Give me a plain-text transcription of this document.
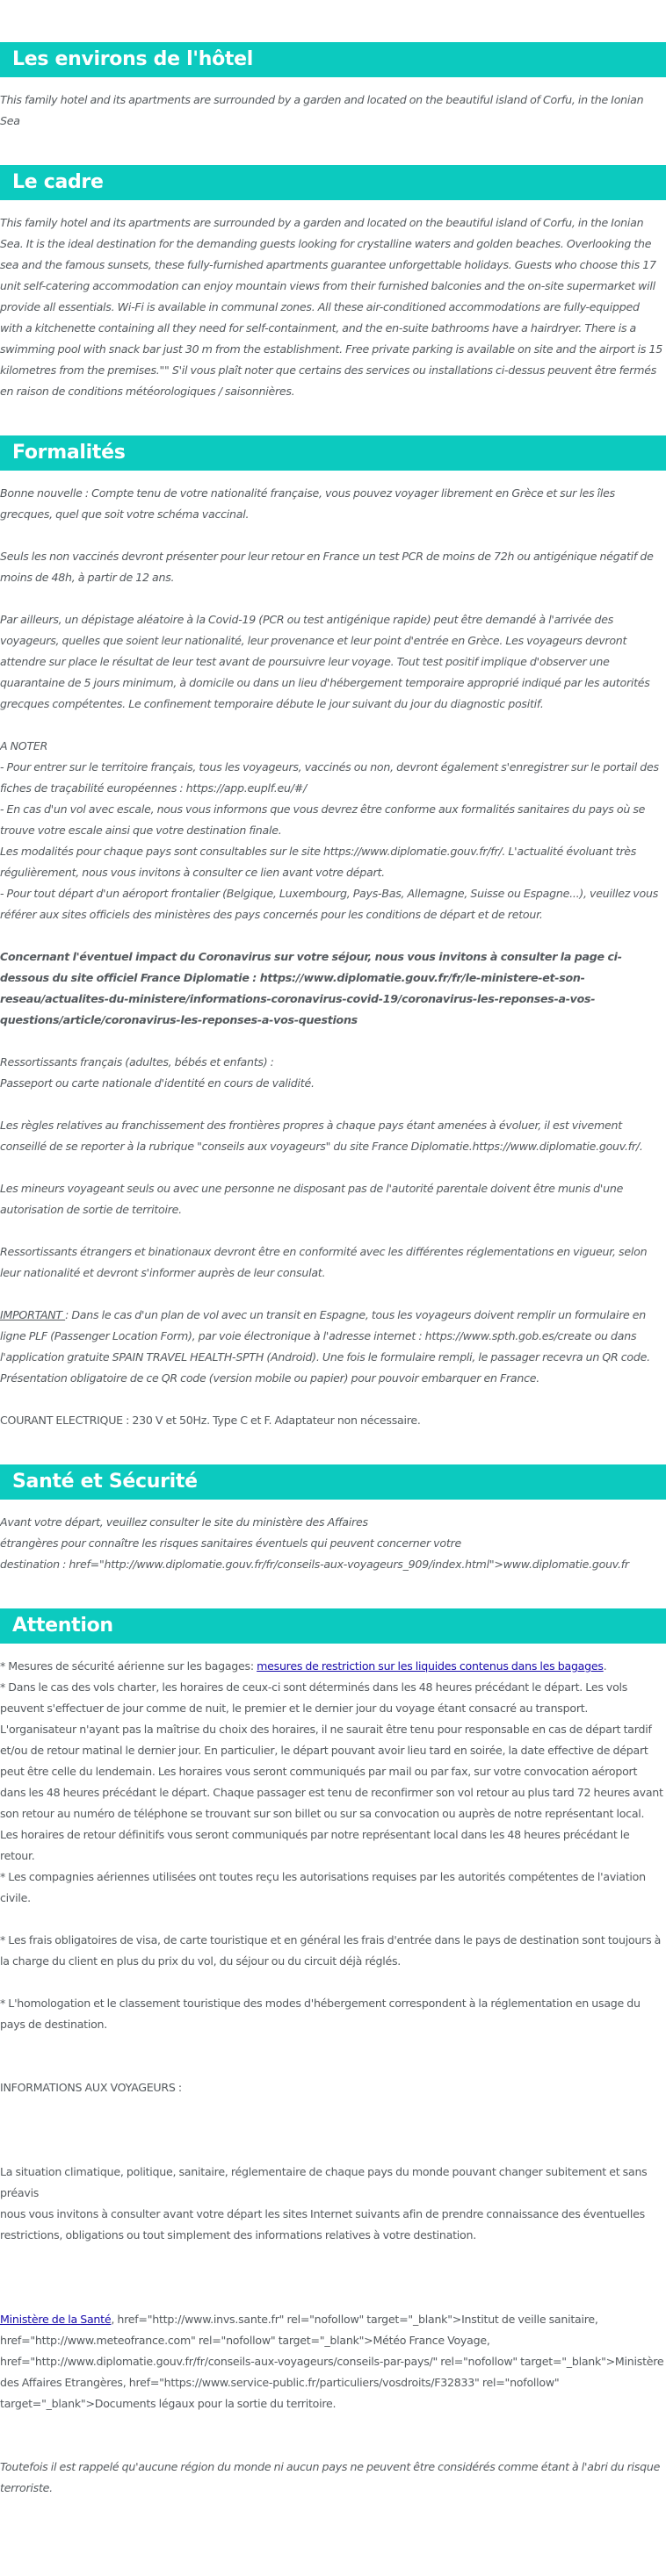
Les environs de l'hôtel

This family hotel and its apartments are surrounded by a garden and located on the beautiful island of Corfu, in the Ionian Sea

Le cadre

This family hotel and its apartments are surrounded by a garden and located on the beautiful island of Corfu, in the Ionian Sea. It is the ideal destination for the demanding guests looking for crystalline waters and golden beaches. Overlooking the sea and the famous sunsets, these fully-furnished apartments guarantee unforgettable holidays. Guests who choose this 17 unit self-catering accommodation can enjoy mountain views from their furnished balconies and the on-site supermarket will provide all essentials. Wi-Fi is available in communal zones. All these air-conditioned accommodations are fully-equipped with a kitchenette containing all they need for self-containment, and the en-suite bathrooms have a hairdryer. There is a swimming pool with snack bar just 30 m from the establishment. Free private parking is available on site and the airport is 15 kilometres from the premises."" S'il vous plaît noter que certains des services ou installations ci-dessus peuvent être fermés en raison de conditions météorologiques / saisonnières.

Formalités

Bonne nouvelle : Compte tenu de votre nationalité française, vous pouvez voyager librement en Grèce et sur les îles grecques, quel que soit votre schéma vaccinal.

Seuls les non vaccinés devront présenter pour leur retour en France un test PCR de moins de 72h ou antigénique négatif de moins de 48h, à partir de 12 ans.

Par ailleurs, un dépistage aléatoire à la Covid-19 (PCR ou test antigénique rapide) peut être demandé à l'arrivée des voyageurs, quelles que soient leur nationalité, leur provenance et leur point d'entrée en Grèce. Les voyageurs devront attendre sur place le résultat de leur test avant de poursuivre leur voyage. Tout test positif implique d'observer une quarantaine de 5 jours minimum, à domicile ou dans un lieu d'hébergement temporaire approprié indiqué par les autorités grecques compétentes. Le confinement temporaire débute le jour suivant du jour du diagnostic positif.

A NOTER

- Pour entrer sur le territoire français, tous les voyageurs, vaccinés ou non, devront également s'enregistrer sur le portail des fiches de traçabilité européennes : https://app.euplf.eu/#/

- En cas d'un vol avec escale, nous vous informons que vous devrez être conforme aux formalités sanitaires du pays où se trouve votre escale ainsi que votre destination finale.

Les modalités pour chaque pays sont consultables sur le site https://www.diplomatie.gouv.fr/fr/. L'actualité évoluant très régulièrement, nous vous invitons à consulter ce lien avant votre départ.

- Pour tout départ d'un aéroport frontalier (Belgique, Luxembourg, Pays-Bas, Allemagne, Suisse ou Espagne...), veuillez vous référer aux sites officiels des ministères des pays concernés pour les conditions de départ et de retour.

Concernant l'éventuel impact du Coronavirus sur votre séjour, nous vous invitons à consulter la page ci-dessous du site officiel France Diplomatie : https://www.diplomatie.gouv.fr/fr/le-ministere-et-son-reseau/actualites-du-ministere/informations-coronavirus-covid-19/coronavirus-les-reponses-a-vos-questions/article/coronavirus-les-reponses-a-vos-questions

Ressortissants français (adultes, bébés et enfants) :

Passeport ou carte nationale d'identité en cours de validité.

Les règles relatives au franchissement des frontières propres à chaque pays étant amenées à évoluer, il est vivement conseillé de se reporter à la rubrique "conseils aux voyageurs" du site France Diplomatie.https://www.diplomatie.gouv.fr/.

Les mineurs voyageant seuls ou avec une personne ne disposant pas de l'autorité parentale doivent être munis d'une autorisation de sortie de territoire.

Ressortissants étrangers et binationaux devront être en conformité avec les différentes réglementations en vigueur, selon leur nationalité et devront s'informer auprès de leur consulat.

IMPORTANT : Dans le cas d'un plan de vol avec un transit en Espagne, tous les voyageurs doivent remplir un formulaire en ligne PLF (Passenger Location Form), par voie électronique à l'adresse internet : https://www.spth.gob.es/create ou dans l'application gratuite SPAIN TRAVEL HEALTH-SPTH (Android). Une fois le formulaire rempli, le passager recevra un QR code. Présentation obligatoire de ce QR code (version mobile ou papier) pour pouvoir embarquer en France.

COURANT ELECTRIQUE : 230 V et 50Hz. Type C et F. Adaptateur non nécessaire.

Santé et Sécurité

Avant votre départ, veuillez consulter le site du ministère des Affaires
étrangères pour connaître les risques sanitaires éventuels qui peuvent concerner votre
destination : href="http://www.diplomatie.gouv.fr/fr/conseils-aux-voyageurs_909/index.html">www.diplomatie.gouv.fr

Attention

* Mesures de sécurité aérienne sur les bagages: mesures de restriction sur les liquides contenus dans les bagages.

* Dans le cas des vols charter, les horaires de ceux-ci sont déterminés dans les 48 heures précédant le départ. Les vols peuvent s'effectuer de jour comme de nuit, le premier et le dernier jour du voyage étant consacré au transport. L'organisateur n'ayant pas la maîtrise du choix des horaires, il ne saurait être tenu pour responsable en cas de départ tardif et/ou de retour matinal le dernier jour. En particulier, le départ pouvant avoir lieu tard en soirée, la date effective de départ peut être celle du lendemain. Les horaires vous seront communiqués par mail ou par fax, sur votre convocation aéroport dans les 48 heures précédant le départ. Chaque passager est tenu de reconfirmer son vol retour au plus tard 72 heures avant son retour au numéro de téléphone se trouvant sur son billet ou sur sa convocation ou auprès de notre représentant local. Les horaires de retour définitifs vous seront communiqués par notre représentant local dans les 48 heures précédant le retour.

* Les compagnies aériennes utilisées ont toutes reçu les autorisations requises par les autorités compétentes de l'aviation civile.

* Les frais obligatoires de visa, de carte touristique et en général les frais d'entrée dans le pays de destination sont toujours à la charge du client en plus du prix du vol, du séjour ou du circuit déjà réglés.

* L'homologation et le classement touristique des modes d'hébergement correspondent à la réglementation en usage du pays de destination.

INFORMATIONS AUX VOYAGEURS :

La situation climatique, politique, sanitaire, réglementaire de chaque pays du monde pouvant changer subitement et sans préavis
nous vous invitons à consulter avant votre départ les sites Internet suivants afin de prendre connaissance des éventuelles restrictions, obligations ou tout simplement des informations relatives à votre destination.

Ministère de la Santé, href="http://www.invs.sante.fr" rel="nofollow" target="_blank">Institut de veille sanitaire, href="http://www.meteofrance.com" rel="nofollow" target="_blank">Météo France Voyage, href="http://www.diplomatie.gouv.fr/fr/conseils-aux-voyageurs/conseils-par-pays/" rel="nofollow" target="_blank">Ministère des Affaires Etrangères, href="https://www.service-public.fr/particuliers/vosdroits/F32833" rel="nofollow" target="_blank">Documents légaux pour la sortie du territoire.

Toutefois il est rappelé qu'aucune région du monde ni aucun pays ne peuvent être considérés comme étant à l'abri du risque terroriste.
